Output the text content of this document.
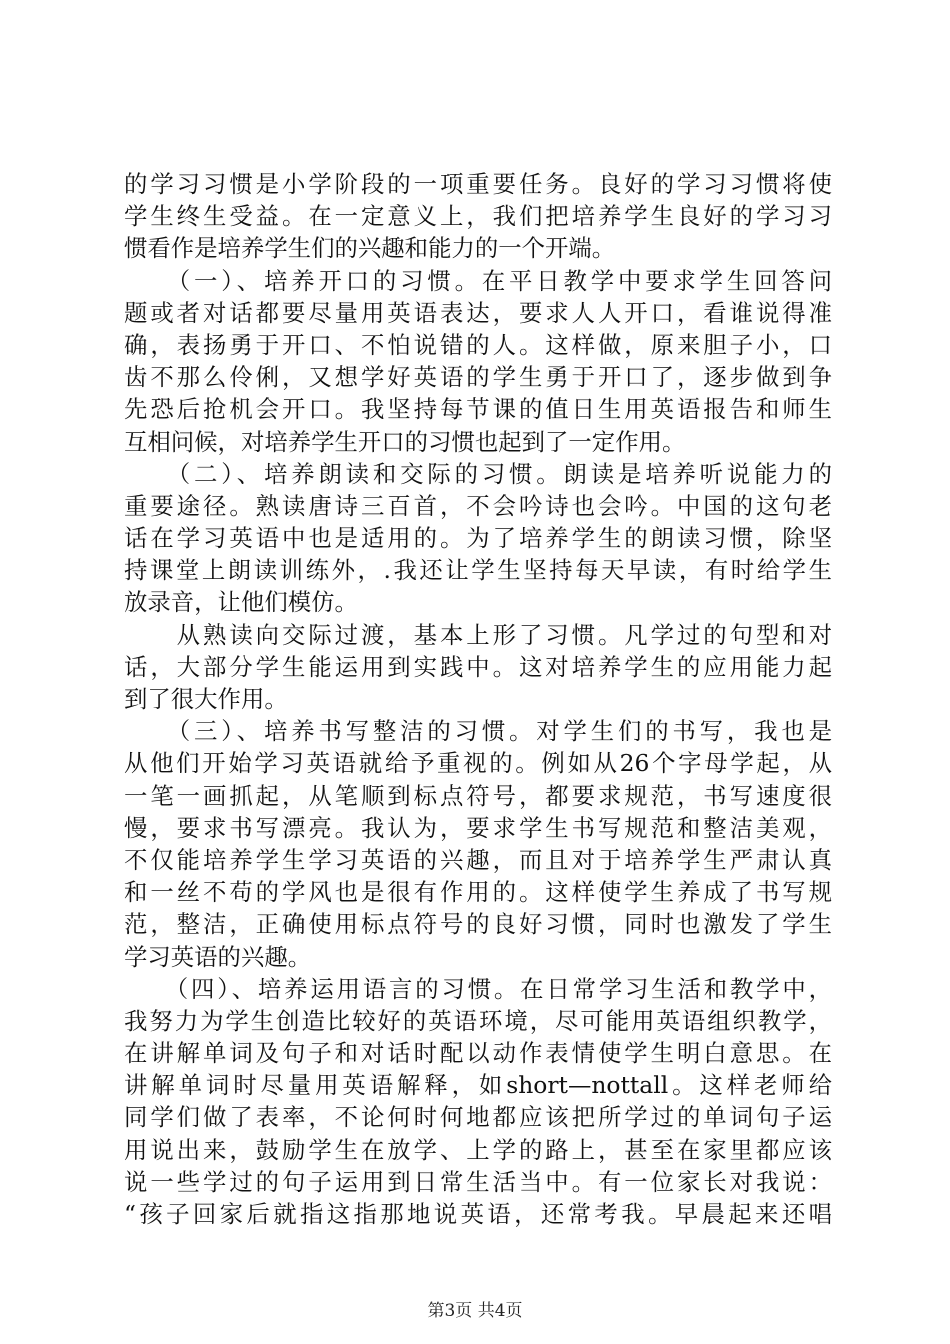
的学习习惯是小学阶段的一项重要任务。良好的学习习惯将使
学生终生受益。在一定意义上，我们把培养学生良好的学习习
惯看作是培养学生们的兴趣和能力的一个开端。
　　（一）、培养开口的习惯。在平日教学中要求学生回答问
题或者对话都要尽量用英语表达，要求人人开口，看谁说得准
确，表扬勇于开口、不怕说错的人。这样做，原来胆子小，口
齿不那么伶俐，又想学好英语的学生勇于开口了，逐步做到争
先恐后抢机会开口。我坚持每节课的值日生用英语报告和师生
互相问候，对培养学生开口的习惯也起到了一定作用。
　　（二）、培养朗读和交际的习惯。朗读是培养听说能力的
重要途径。熟读唐诗三百首，不会吟诗也会吟。中国的这句老
话在学习英语中也是适用的。为了培养学生的朗读习惯，除坚
持课堂上朗读训练外，.我还让学生坚持每天早读，有时给学生
放录音，让他们模仿。
　　从熟读向交际过渡，基本上形了习惯。凡学过的句型和对
话，大部分学生能运用到实践中。这对培养学生的应用能力起
到了很大作用。
　　（三）、培养书写整洁的习惯。对学生们的书写，我也是
从他们开始学习英语就给予重视的。例如从26个字母学起，从
一笔一画抓起，从笔顺到标点符号，都要求规范，书写速度很
慢，要求书写漂亮。我认为，要求学生书写规范和整洁美观，
不仅能培养学生学习英语的兴趣，而且对于培养学生严肃认真
和一丝不苟的学风也是很有作用的。这样使学生养成了书写规
范，整洁，正确使用标点符号的良好习惯，同时也激发了学生
学习英语的兴趣。
　　（四）、培养运用语言的习惯。在日常学习生活和教学中，
我努力为学生创造比较好的英语环境，尽可能用英语组织教学，
在讲解单词及句子和对话时配以动作表情使学生明白意思。在
讲解单词时尽量用英语解释，如short—nottall。这样老师给
同学们做了表率，不论何时何地都应该把所学过的单词句子运
用说出来，鼓励学生在放学、上学的路上，甚至在家里都应该
说一些学过的句子运用到日常生活当中。有一位家长对我说：
“孩子回家后就指这指那地说英语，还常考我。早晨起来还唱
第3页 共4页
